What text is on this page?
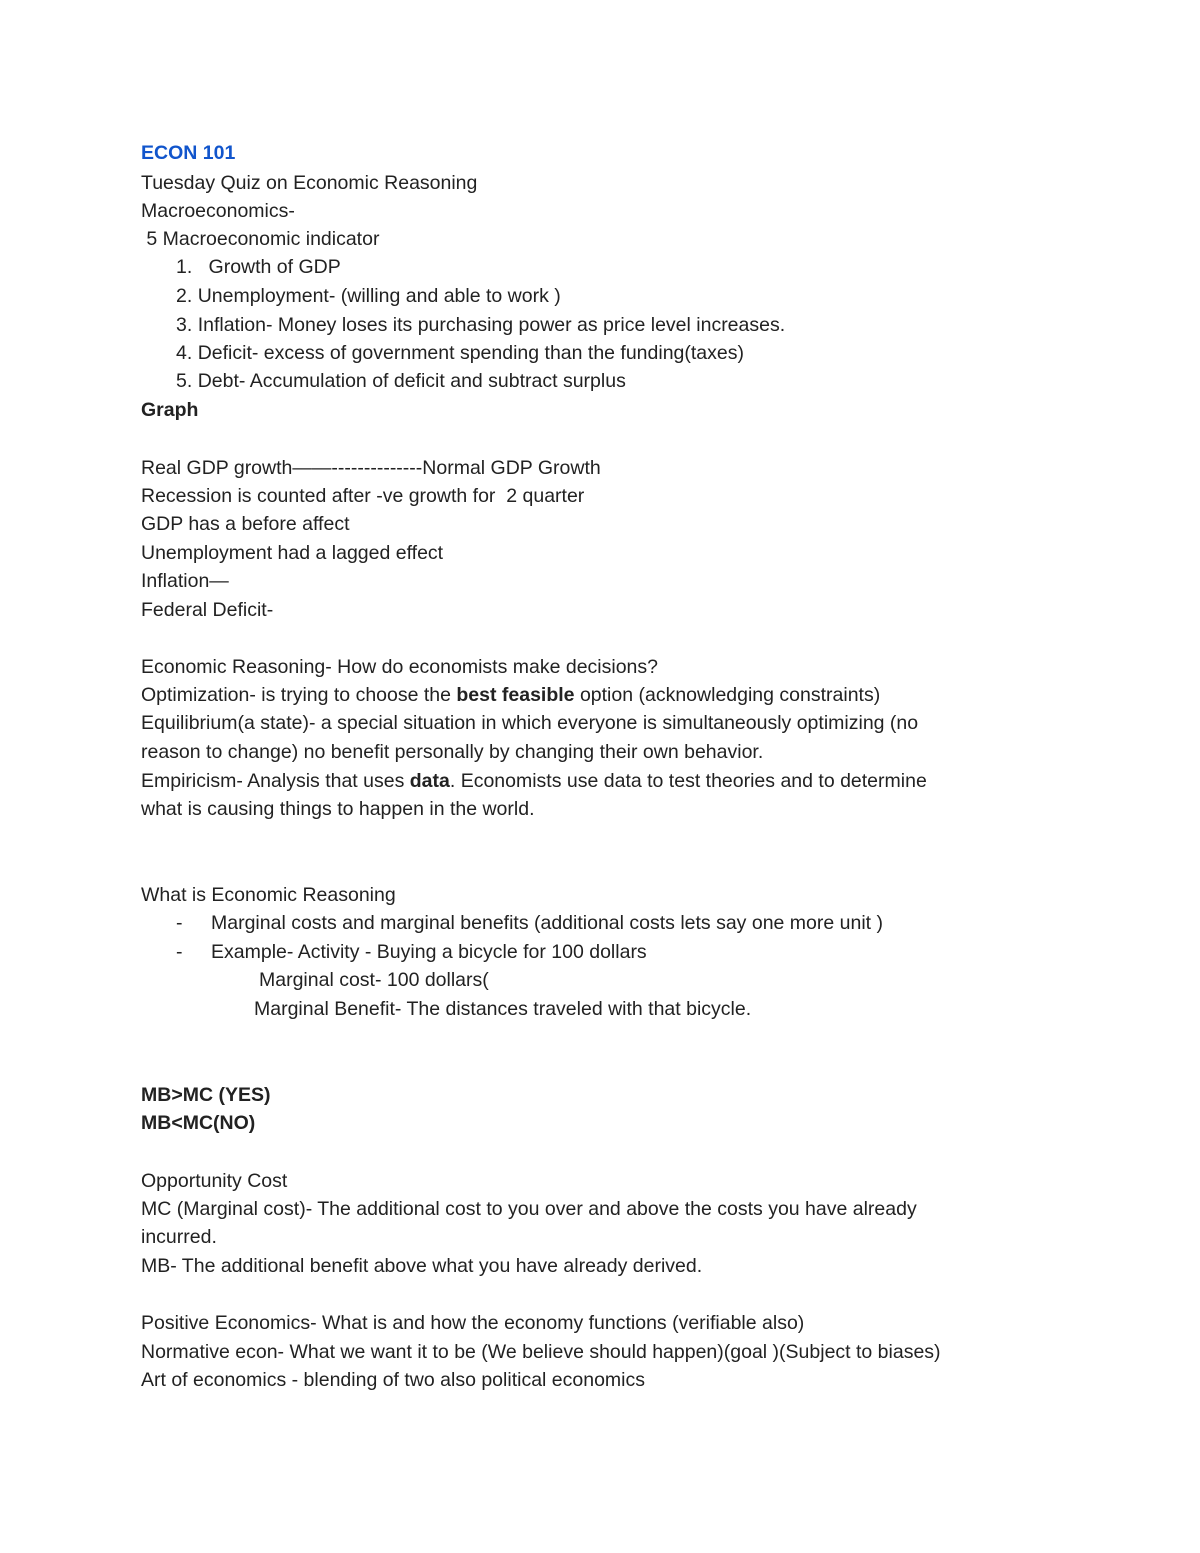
ECON 101
Tuesday Quiz on Economic Reasoning
Macroeconomics-
5 Macroeconomic indicator
1. Growth of GDP
2. Unemployment- (willing and able to work )
3. Inflation- Money loses its purchasing power as price level increases.
4. Deficit- excess of government spending than the funding(taxes)
5. Debt- Accumulation of deficit and subtract surplus
Graph
Real GDP growth——--------------Normal GDP Growth
Recession is counted after -ve growth for  2 quarter
GDP has a before affect
Unemployment had a lagged effect
Inflation—
Federal Deficit-
Economic Reasoning- How do economists make decisions?
Optimization- is trying to choose the best feasible option (acknowledging constraints)
Equilibrium(a state)- a special situation in which everyone is simultaneously optimizing (no
reason to change) no benefit personally by changing their own behavior.
Empiricism- Analysis that uses data. Economists use data to test theories and to determine
what is causing things to happen in the world.
What is Economic Reasoning
- Marginal costs and marginal benefits (additional costs lets say one more unit )
- Example- Activity - Buying a bicycle for 100 dollars
Marginal cost- 100 dollars(
Marginal Benefit- The distances traveled with that bicycle.
MB>MC (YES)
MB<MC(NO)
Opportunity Cost
MC (Marginal cost)- The additional cost to you over and above the costs you have already
incurred.
MB- The additional benefit above what you have already derived.
Positive Economics- What is and how the economy functions (verifiable also)
Normative econ- What we want it to be (We believe should happen)(goal )(Subject to biases)
Art of economics - blending of two also political economics
